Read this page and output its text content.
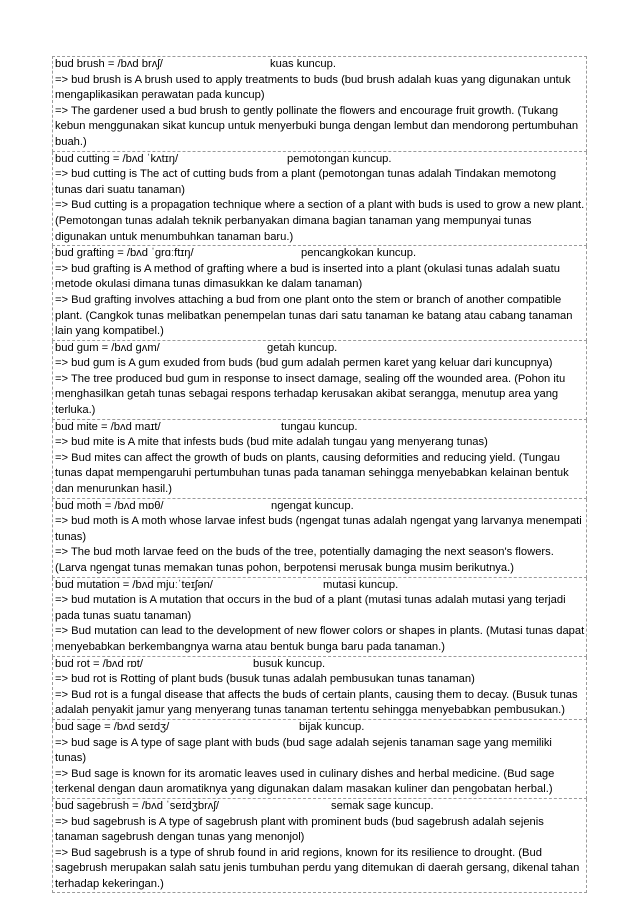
bud brush = /bʌd brʌʃ/	kuas kuncup.
=> bud brush is A brush used to apply treatments to buds (bud brush adalah kuas yang digunakan untuk mengaplikasikan perawatan pada kuncup)
=> The gardener used a bud brush to gently pollinate the flowers and encourage fruit growth. (Tukang kebun menggunakan sikat kuncup untuk menyerbuki bunga dengan lembut dan mendorong pertumbuhan buah.)
bud cutting = /bʌd ˈkʌtɪŋ/	pemotongan kuncup.
=> bud cutting is The act of cutting buds from a plant (pemotongan tunas adalah Tindakan memotong tunas dari suatu tanaman)
=> Bud cutting is a propagation technique where a section of a plant with buds is used to grow a new plant. (Pemotongan tunas adalah teknik perbanyakan dimana bagian tanaman yang mempunyai tunas digunakan untuk menumbuhkan tanaman baru.)
bud grafting = /bʌd ˈɡrɑːftɪŋ/	pencangkokan kuncup.
=> bud grafting is A method of grafting where a bud is inserted into a plant (okulasi tunas adalah suatu metode okulasi dimana tunas dimasukkan ke dalam tanaman)
=> Bud grafting involves attaching a bud from one plant onto the stem or branch of another compatible plant. (Cangkok tunas melibatkan penempelan tunas dari satu tanaman ke batang atau cabang tanaman lain yang kompatibel.)
bud gum = /bʌd ɡʌm/	getah kuncup.
=> bud gum is A gum exuded from buds (bud gum adalah permen karet yang keluar dari kuncupnya)
=> The tree produced bud gum in response to insect damage, sealing off the wounded area. (Pohon itu menghasilkan getah tunas sebagai respons terhadap kerusakan akibat serangga, menutup area yang terluka.)
bud mite = /bʌd maɪt/	tungau kuncup.
=> bud mite is A mite that infests buds (bud mite adalah tungau yang menyerang tunas)
=> Bud mites can affect the growth of buds on plants, causing deformities and reducing yield. (Tungau tunas dapat mempengaruhi pertumbuhan tunas pada tanaman sehingga menyebabkan kelainan bentuk dan menurunkan hasil.)
bud moth = /bʌd mɒθ/	ngengat kuncup.
=> bud moth is A moth whose larvae infest buds (ngengat tunas adalah ngengat yang larvanya menempati tunas)
=> The bud moth larvae feed on the buds of the tree, potentially damaging the next season's flowers. (Larva ngengat tunas memakan tunas pohon, berpotensi merusak bunga musim berikutnya.)
bud mutation = /bʌd mjuːˈteɪʃən/	mutasi kuncup.
=> bud mutation is A mutation that occurs in the bud of a plant (mutasi tunas adalah mutasi yang terjadi pada tunas suatu tanaman)
=> Bud mutation can lead to the development of new flower colors or shapes in plants. (Mutasi tunas dapat menyebabkan berkembangnya warna atau bentuk bunga baru pada tanaman.)
bud rot = /bʌd rɒt/	busuk kuncup.
=> bud rot is Rotting of plant buds (busuk tunas adalah pembusukan tunas tanaman)
=> Bud rot is a fungal disease that affects the buds of certain plants, causing them to decay. (Busuk tunas adalah penyakit jamur yang menyerang tunas tanaman tertentu sehingga menyebabkan pembusukan.)
bud sage = /bʌd seɪdʒ/	bijak kuncup.
=> bud sage is A type of sage plant with buds (bud sage adalah sejenis tanaman sage yang memiliki tunas)
=> Bud sage is known for its aromatic leaves used in culinary dishes and herbal medicine. (Bud sage terkenal dengan daun aromatiknya yang digunakan dalam masakan kuliner dan pengobatan herbal.)
bud sagebrush = /bʌd ˈseɪdʒbrʌʃ/	semak sage kuncup.
=> bud sagebrush is A type of sagebrush plant with prominent buds (bud sagebrush adalah sejenis tanaman sagebrush dengan tunas yang menonjol)
=> Bud sagebrush is a type of shrub found in arid regions, known for its resilience to drought. (Bud sagebrush merupakan salah satu jenis tumbuhan perdu yang ditemukan di daerah gersang, dikenal tahan terhadap kekeringan.)
